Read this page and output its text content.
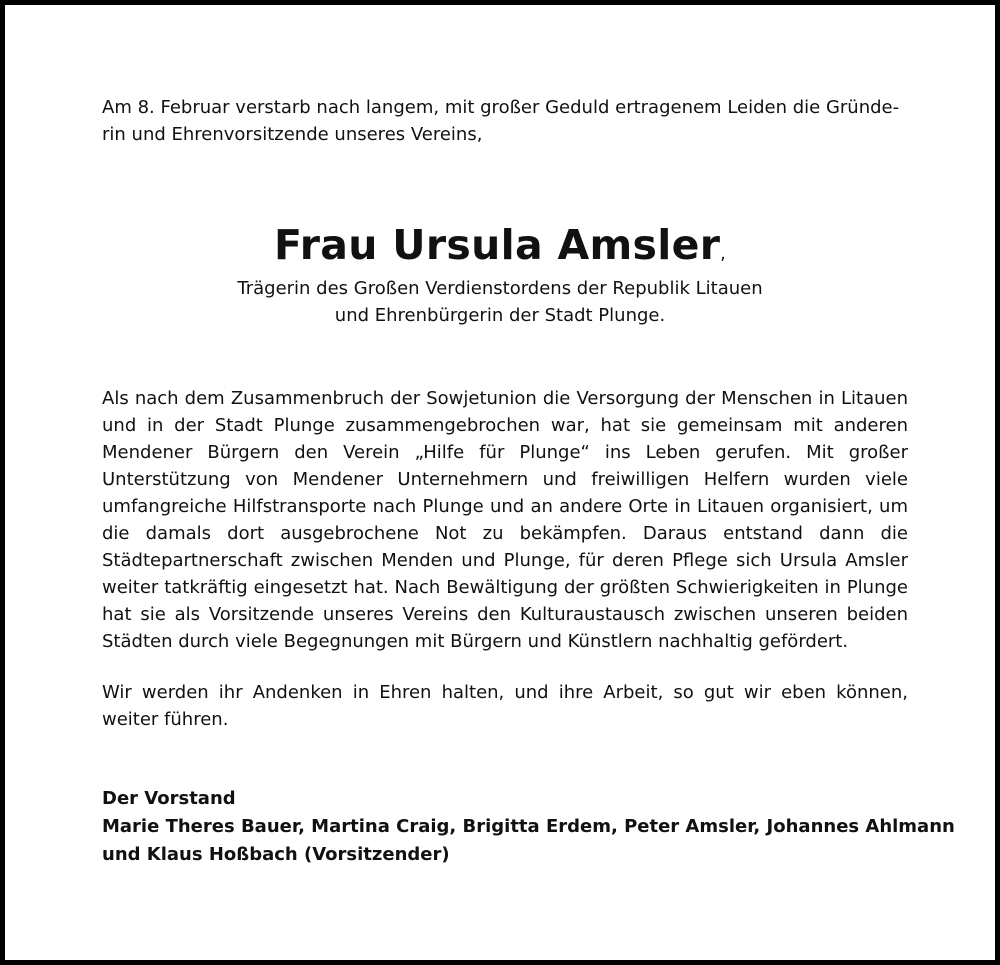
Am 8. Februar verstarb nach langem, mit großer Geduld ertragenem Leiden die Gründe-
rin und Ehrenvorsitzende unseres Vereins,
Frau Ursula Amsler,
Trägerin des Großen Verdienstordens der Republik Litauen
und Ehrenbürgerin der Stadt Plunge.

Als nach dem Zusammenbruch der Sowjetunion die Versorgung der Menschen in Litauen und in der Stadt Plunge zusammengebrochen war, hat sie gemeinsam mit anderen Mendener Bürgern den Verein „Hilfe für Plunge“ ins Leben gerufen. Mit großer Unterstützung von Mendener Unternehmern und freiwilligen Helfern wurden viele umfangreiche Hilfstransporte nach Plunge und an andere Orte in Litauen organisiert, um die damals dort ausgebrochene Not zu bekämpfen. Daraus entstand dann die Städtepartnerschaft zwischen Menden und Plunge, für deren Pflege sich Ursula Amsler weiter tatkräftig eingesetzt hat. Nach Bewältigung der größten Schwierigkeiten in Plunge hat sie als Vorsitzende unseres Vereins den Kulturaustausch zwischen unseren beiden Städten durch viele Begegnungen mit Bürgern und Künstlern nachhaltig gefördert.

Wir werden ihr Andenken in Ehren halten, und ihre Arbeit, so gut wir eben können, weiter führen.

Der Vorstand
Marie Theres Bauer, Martina Craig, Brigitta Erdem, Peter Amsler, Johannes Ahlmann
und Klaus Hoßbach (Vorsitzender)
